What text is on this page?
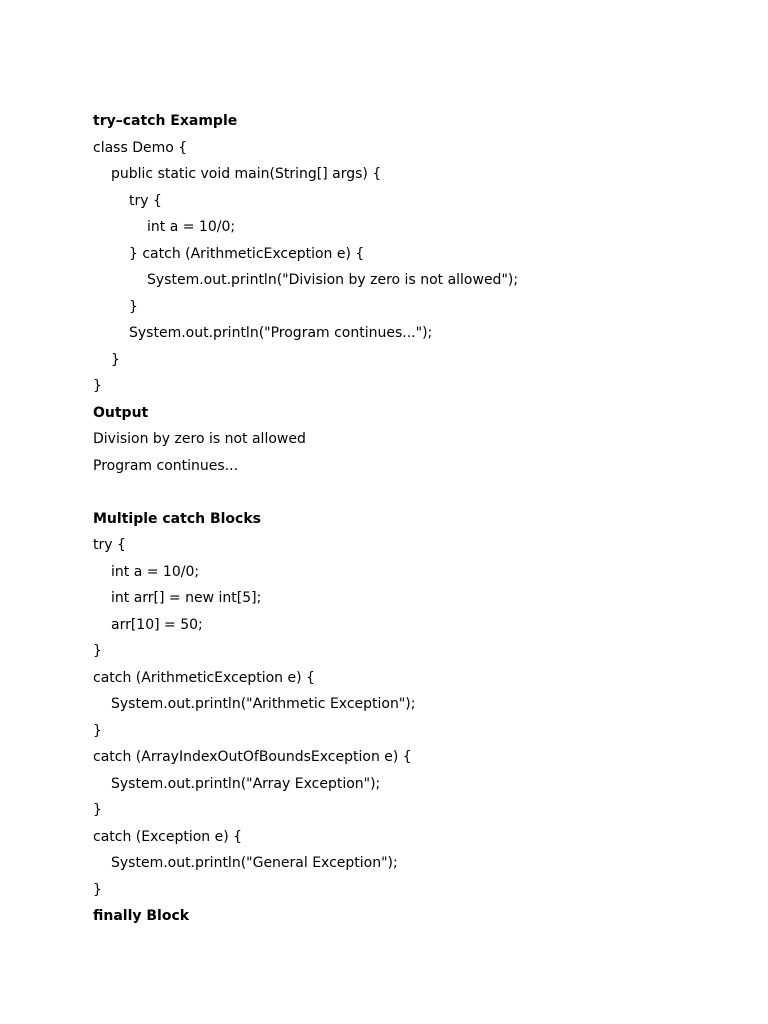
try–catch Example
class Demo {
public static void main(String[] args) {
try {
int a = 10/0;
} catch (ArithmeticException e) {
System.out.println("Division by zero is not allowed");
}
System.out.println("Program continues...");
}
}
Output
Division by zero is not allowed
Program continues...
Multiple catch Blocks
try {
int a = 10/0;
int arr[] = new int[5];
arr[10] = 50;
}
catch (ArithmeticException e) {
System.out.println("Arithmetic Exception");
}
catch (ArrayIndexOutOfBoundsException e) {
System.out.println("Array Exception");
}
catch (Exception e) {
System.out.println("General Exception");
}
finally Block
